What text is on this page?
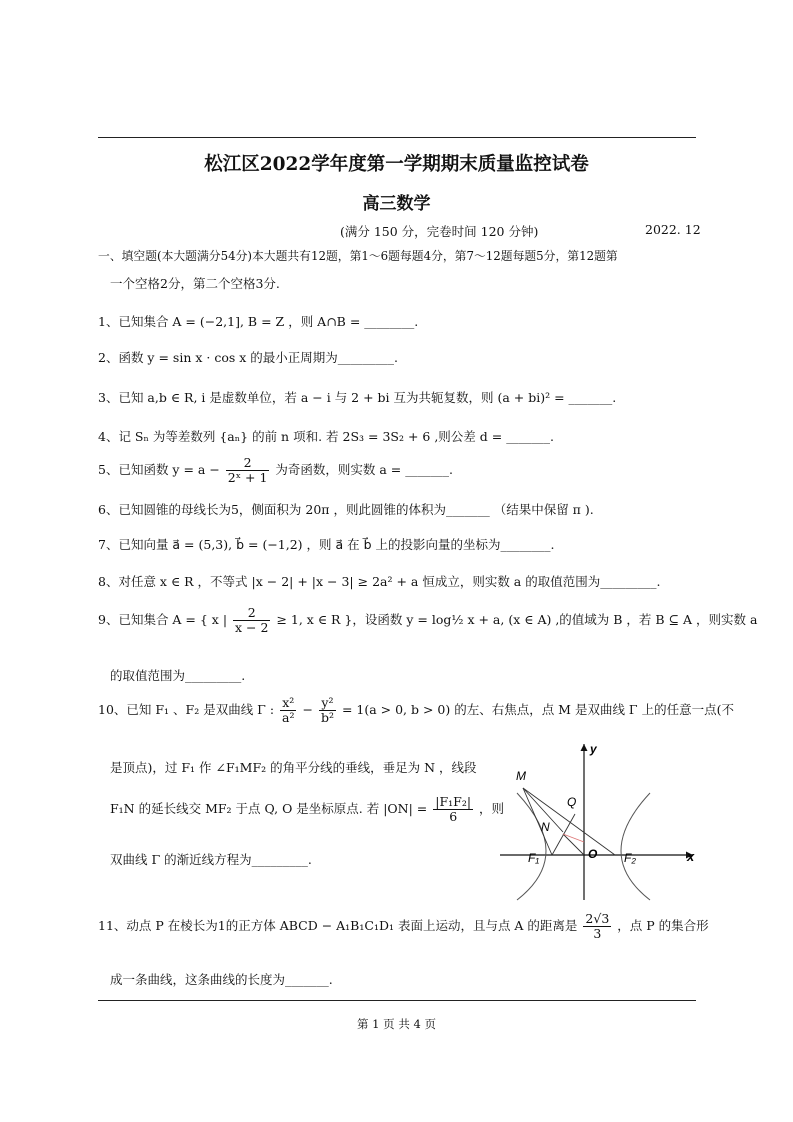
松江区2022学年度第一学期期末质量监控试卷
高三数学
(满分 150 分，完卷时间 120 分钟)	2022. 12
一、填空题(本大题满分54分)本大题共有12题，第1～6题每题4分，第7～12题每题5分，第12题第
一个空格2分，第二个空格3分.
1、已知集合 A = (−2,1], B = Z ，则 A∩B = ________.
2、函数 y = sin x · cos x 的最小正周期为_________.
3、已知 a,b ∈ R, i 是虚数单位，若 a − i 与 2 + bi 互为共轭复数，则 (a + bi)² = _______.
4、记 Sₙ 为等差数列 {aₙ} 的前 n 项和. 若 2S₃ = 3S₂ + 6 ,则公差 d = _______.
5、已知函数 $y = a - \frac{2}{\text{2ˣ + 1}}$ 为奇函数，则实数 a = _______.
6、已知圆锥的母线长为5，侧面积为 20π ，则此圆锥的体积为_______ （结果中保留 π ).
7、已知向量 a⃗ = (5,3), b⃗ = (−1,2) ，则 a⃗ 在 b⃗ 上的投影向量的坐标为________.
8、对任意 x ∈ R ，不等式 |x − 2| + |x − 3| ≥ 2a² + a 恒成立，则实数 a 的取值范围为_________.
9、已知集合 A = { x | $\frac{2}{x - 2} \ge 1$, x ∈ R }，设函数 y = log½ x + a, (x ∈ A) ,的值域为 B ，若 B ⊆ A ，则实数 a
的取值范围为_________.
10、已知 F₁ 、F₂ 是双曲线 Γ : $\frac{\text{x²}}{\text{a²}} - \frac{\text{y²}}{\text{b²}} = 1(a > 0$, b > 0) 的左、右焦点，点 M 是双曲线 Γ 上的任意一点(不
是顶点)，过 F₁ 作 ∠F₁MF₂ 的角平分线的垂线，垂足为 N ，线段
F₁N 的延长线交 MF₂ 于点 Q, O 是坐标原点. 若 $|ON| = \frac{\text{|F₁F₂|}}{6}$ ，则
双曲线 Γ 的渐近线方程为_________.
y
x
M
Q
N
F₁	O F₂
11、动点 P 在棱长为1的正方体 ABCD − A₁B₁C₁D₁ 表面上运动，且与点 A 的距离是 $\frac{2√3}{3}$ ，点 P 的集合形
成一条曲线，这条曲线的长度为_______.
第 1 页 共 4 页
